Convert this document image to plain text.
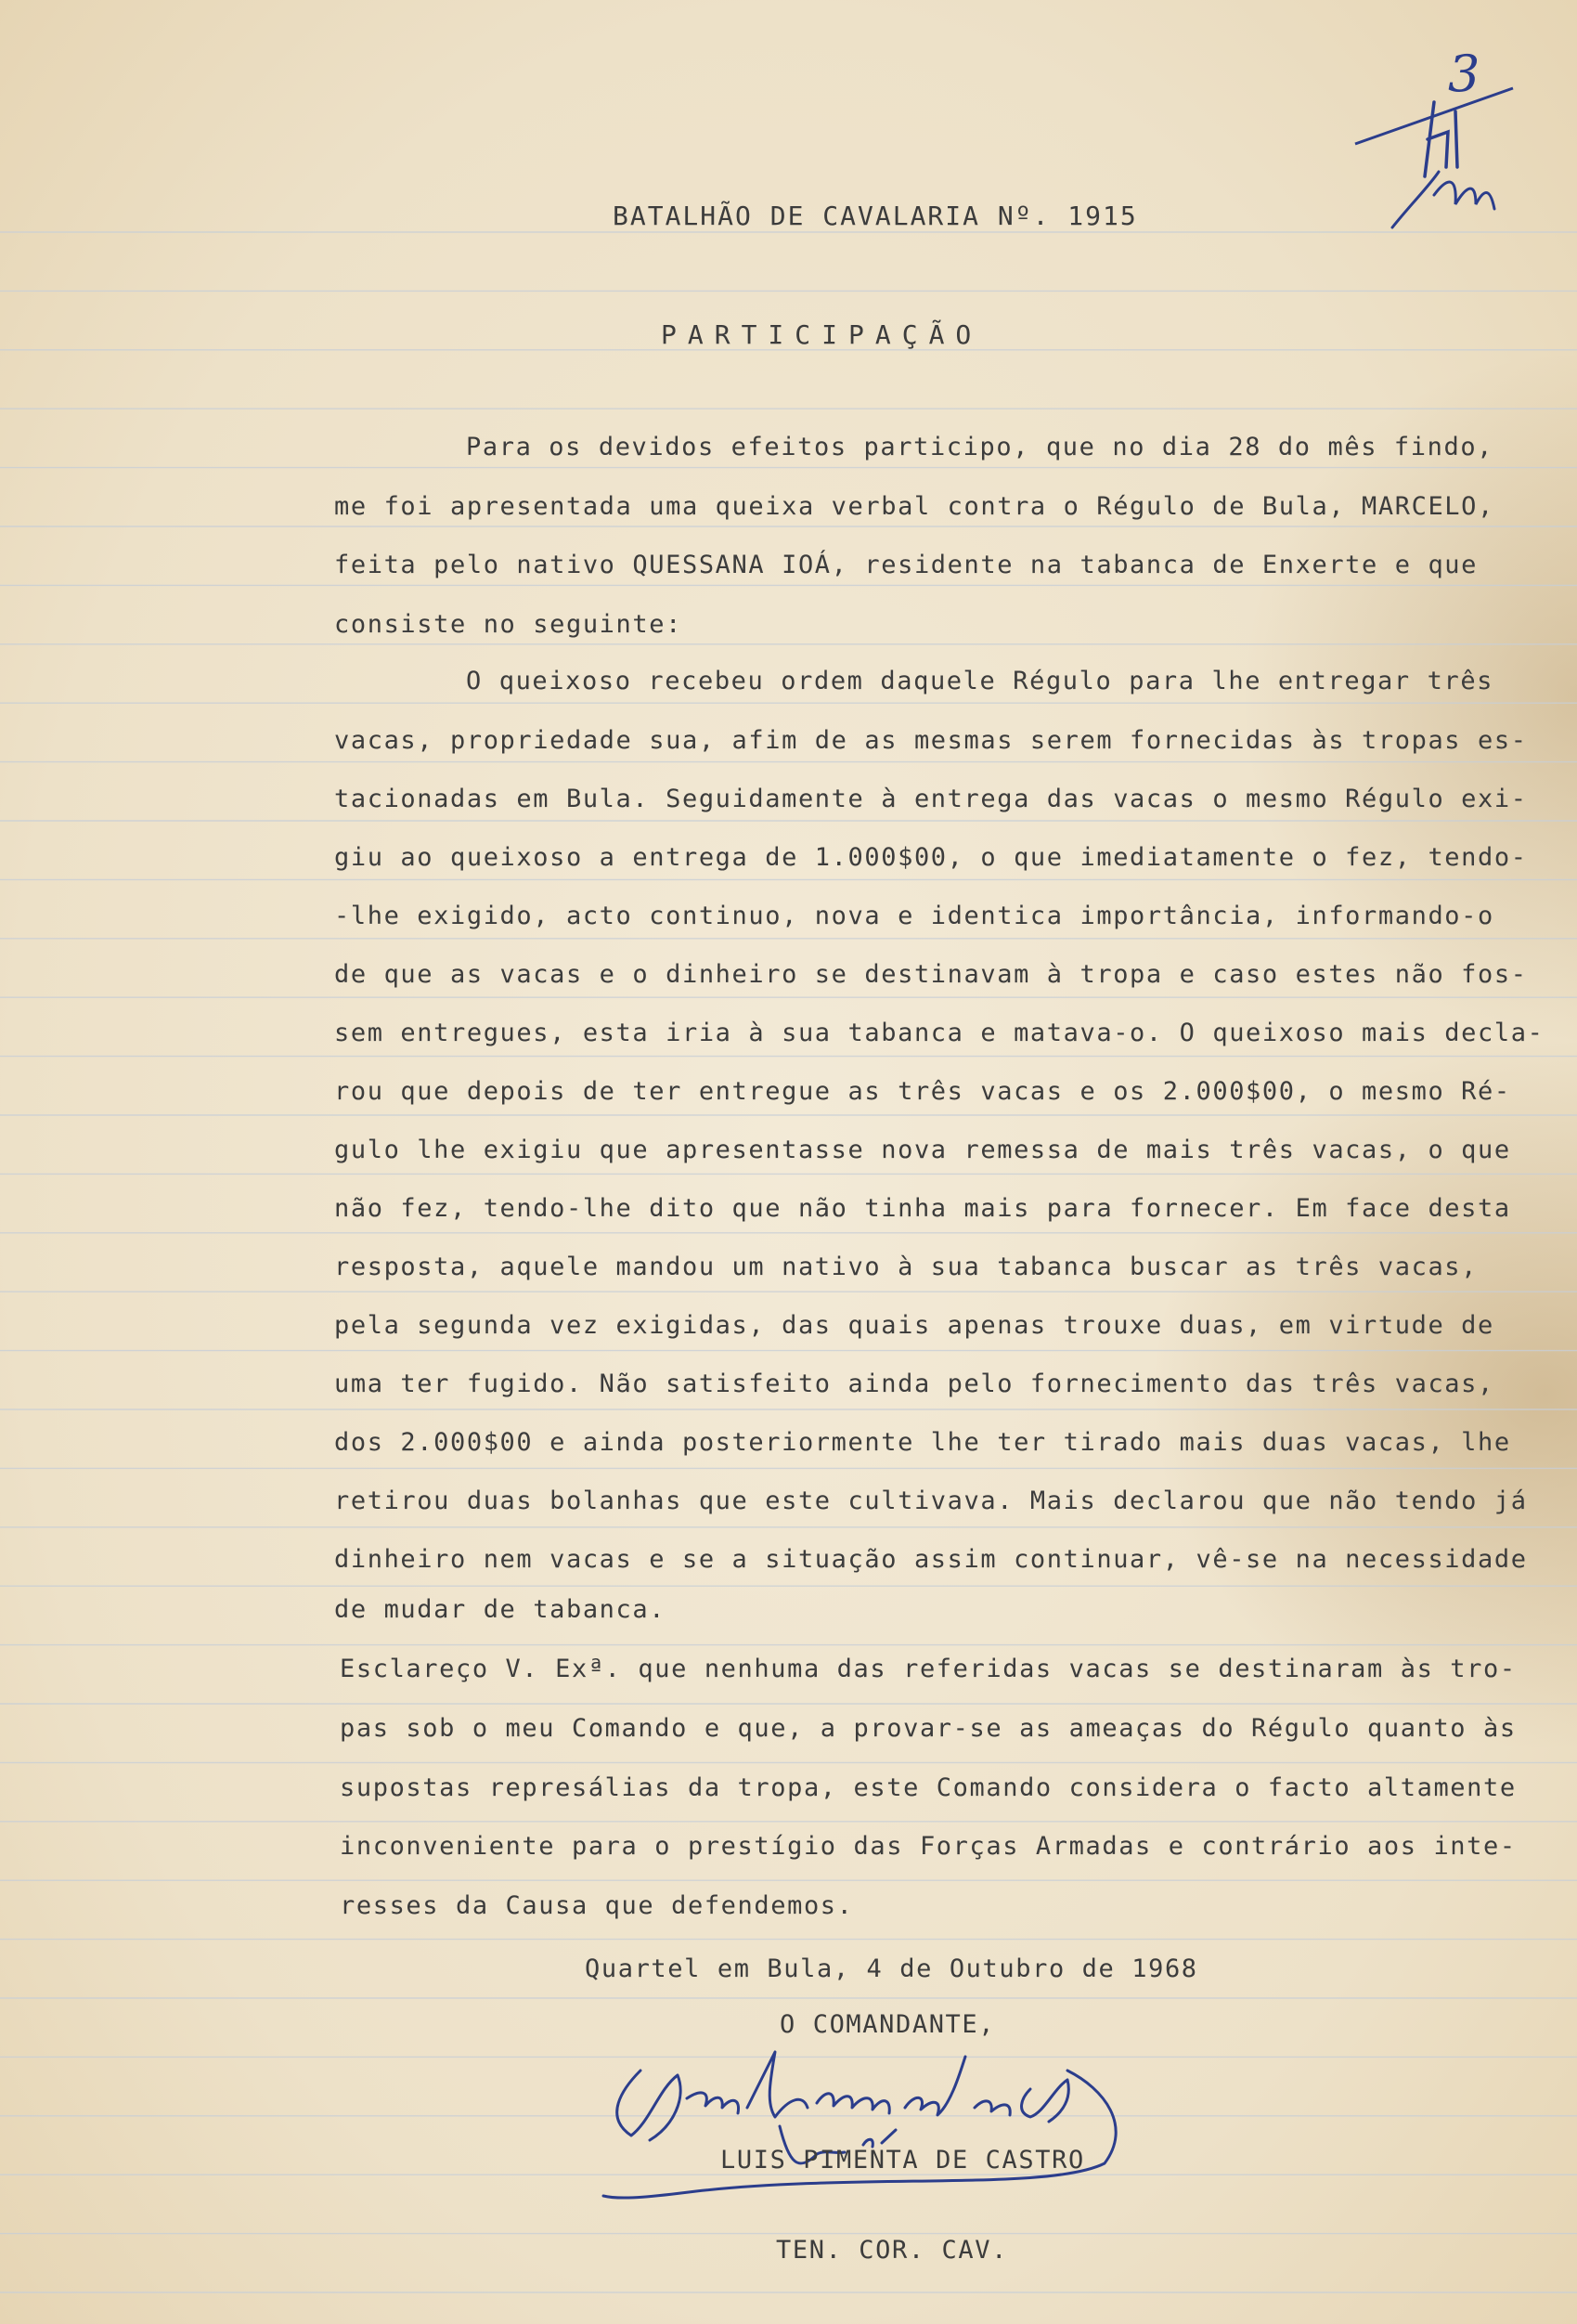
3
BATALHÃO DE CAVALARIA Nº. 1915
PARTICIPAÇÃO
Para os devidos efeitos participo, que no dia 28 do mês findo,
me foi apresentada uma queixa verbal contra o Régulo de Bula, MARCELO,
feita pelo nativo QUESSANA IOÁ, residente na tabanca de Enxerte e que
consiste no seguinte:
O queixoso recebeu ordem daquele Régulo para lhe entregar três
vacas, propriedade sua, afim de as mesmas serem fornecidas às tropas es-
tacionadas em Bula. Seguidamente à entrega das vacas o mesmo Régulo exi-
giu ao queixoso a entrega de 1.000$00, o que imediatamente o fez, tendo-
-lhe exigido, acto continuo, nova e identica importância, informando-o
de que as vacas e o dinheiro se destinavam à tropa e caso estes não fos-
sem entregues, esta iria à sua tabanca e matava-o. O queixoso mais decla-
rou que depois de ter entregue as três vacas e os 2.000$00, o mesmo Ré-
gulo lhe exigiu que apresentasse nova remessa de mais três vacas, o que
não fez, tendo-lhe dito que não tinha mais para fornecer. Em face desta
resposta, aquele mandou um nativo à sua tabanca buscar as três vacas,
pela segunda vez exigidas, das quais apenas trouxe duas, em virtude de
uma ter fugido. Não satisfeito ainda pelo fornecimento das três vacas,
dos 2.000$00 e ainda posteriormente lhe ter tirado mais duas vacas, lhe
retirou duas bolanhas que este cultivava. Mais declarou que não tendo já
dinheiro nem vacas e se a situação assim continuar, vê-se na necessidade
de mudar de tabanca.
Esclareço V. Exª. que nenhuma das referidas vacas se destinaram às tro-
pas sob o meu Comando e que, a provar-se as ameaças do Régulo quanto às
supostas represálias da tropa, este Comando considera o facto altamente
inconveniente para o prestígio das Forças Armadas e contrário aos inte-
resses da Causa que defendemos.
Quartel em Bula, 4 de Outubro de 1968
O COMANDANTE,
LUIS PIMENTA DE CASTRO
TEN. COR. CAV.
